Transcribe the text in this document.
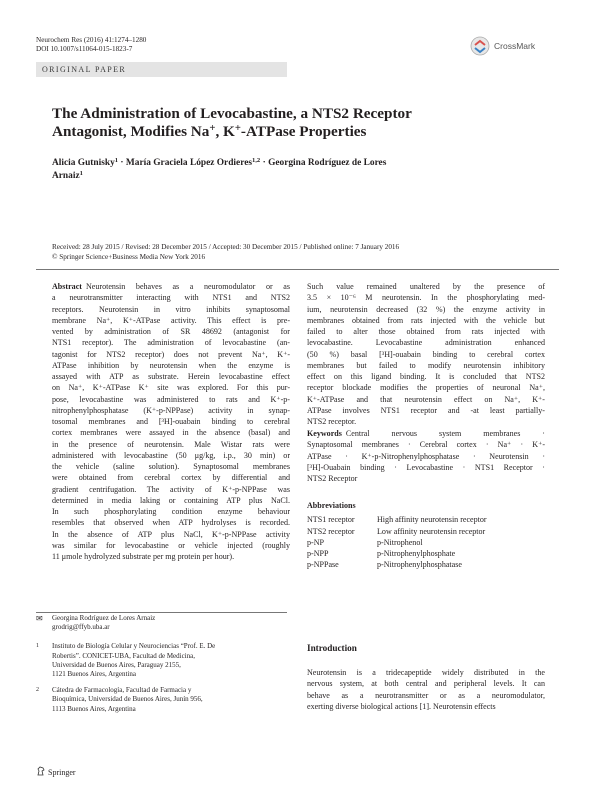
Neurochem Res (2016) 41:1274–1280
DOI 10.1007/s11064-015-1823-7	CrossMark
ORIGINAL PAPER
The Administration of Levocabastine, a NTS2 Receptor
Antagonist, Modifies Na+, K+-ATPase Properties
Alicia Gutnisky$^1$ · María Graciela López Ordieres$^{1,2}$ · Georgina Rodríguez de Lores
Arnaiz$^1$
Received: 28 July 2015 / Revised: 28 December 2015 / Accepted: 30 December 2015 / Published online: 7 January 2016
© Springer Science+Business Media New York 2016
Abstract  Neurotensin behaves as a neuromodulator or as
a neurotransmitter interacting with NTS1 and NTS2
receptors. Neurotensin in vitro inhibits synaptosomal
membrane Na⁺, K⁺-ATPase activity. This effect is pre-
vented by administration of SR 48692 (antagonist for
NTS1 receptor). The administration of levocabastine (an-
tagonist for NTS2 receptor) does not prevent Na⁺, K⁺-
ATPase inhibition by neurotensin when the enzyme is
assayed with ATP as substrate. Herein levocabastine effect
on Na⁺, K⁺-ATPase K⁺ site was explored. For this pur-
pose, levocabastine was administered to rats and K⁺-p-
nitrophenylphosphatase (K⁺-p-NPPase) activity in synap-
tosomal membranes and [³H]-ouabain binding to cerebral
cortex membranes were assayed in the absence (basal) and
in the presence of neurotensin. Male Wistar rats were
administered with levocabastine (50 μg/kg, i.p., 30 min) or
the vehicle (saline solution). Synaptosomal membranes
were obtained from cerebral cortex by differential and
gradient centrifugation. The activity of K⁺-p-NPPase was
determined in media laking or containing ATP plus NaCl.
In such phosphorylating condition enzyme behaviour
resembles that observed when ATP hydrolyses is recorded.
In the absence of ATP plus NaCl, K⁺-p-NPPase activity
was similar for levocabastine or vehicle injected (roughly
11 μmole hydrolyzed substrate per mg protein per hour).
Such value remained unaltered by the presence of
3.5 × 10⁻⁶ M neurotensin. In the phosphorylating med-
ium, neurotensin decreased (32 %) the enzyme activity in
membranes obtained from rats injected with the vehicle but
failed to alter those obtained from rats injected with
levocabastine. Levocabastine administration enhanced
(50 %) basal [³H]-ouabain binding to cerebral cortex
membranes but failed to modify neurotensin inhibitory
effect on this ligand binding. It is concluded that NTS2
receptor blockade modifies the properties of neuronal Na⁺,
K⁺-ATPase and that neurotensin effect on Na⁺, K⁺-
ATPase involves NTS1 receptor and -at least partially-
NTS2 receptor.
Keywords  Central nervous system membranes ·
Synaptosomal membranes · Cerebral cortex · Na⁺ · K⁺-
ATPase · K⁺-p-Nitrophenylphosphatase · Neurotensin ·
[³H]-Ouabain binding · Levocabastine · NTS1 Receptor ·
NTS2 Receptor
Abbreviations
NTS1 receptor	High affinity neurotensin receptor
NTS2 receptor	Low affinity neurotensin receptor
p-NP	p-Nitrophenol
p-NPP	p-Nitrophenylphosphate
p-NPPase	p-Nitrophenylphosphatase
✉	Georgina Rodríguez de Lores Arnaiz
grodrig@ffyb.uba.ar
1	Instituto de Biología Celular y Neurociencias “Prof. E. De
Robertis”. CONICET-UBA, Facultad de Medicina,
Universidad de Buenos Aires, Paraguay 2155,
1121 Buenos Aires, Argentina
2	Cátedra de Farmacología, Facultad de Farmacia y
Bioquímica, Universidad de Buenos Aires, Junín 956,
1113 Buenos Aires, Argentina
Introduction
Neurotensin is a tridecapeptide widely distributed in the
nervous system, at both central and peripheral levels. It can
behave as a neurotransmitter or as a neuromodulator,
exerting diverse biological actions [1]. Neurotensin effects
Springer
